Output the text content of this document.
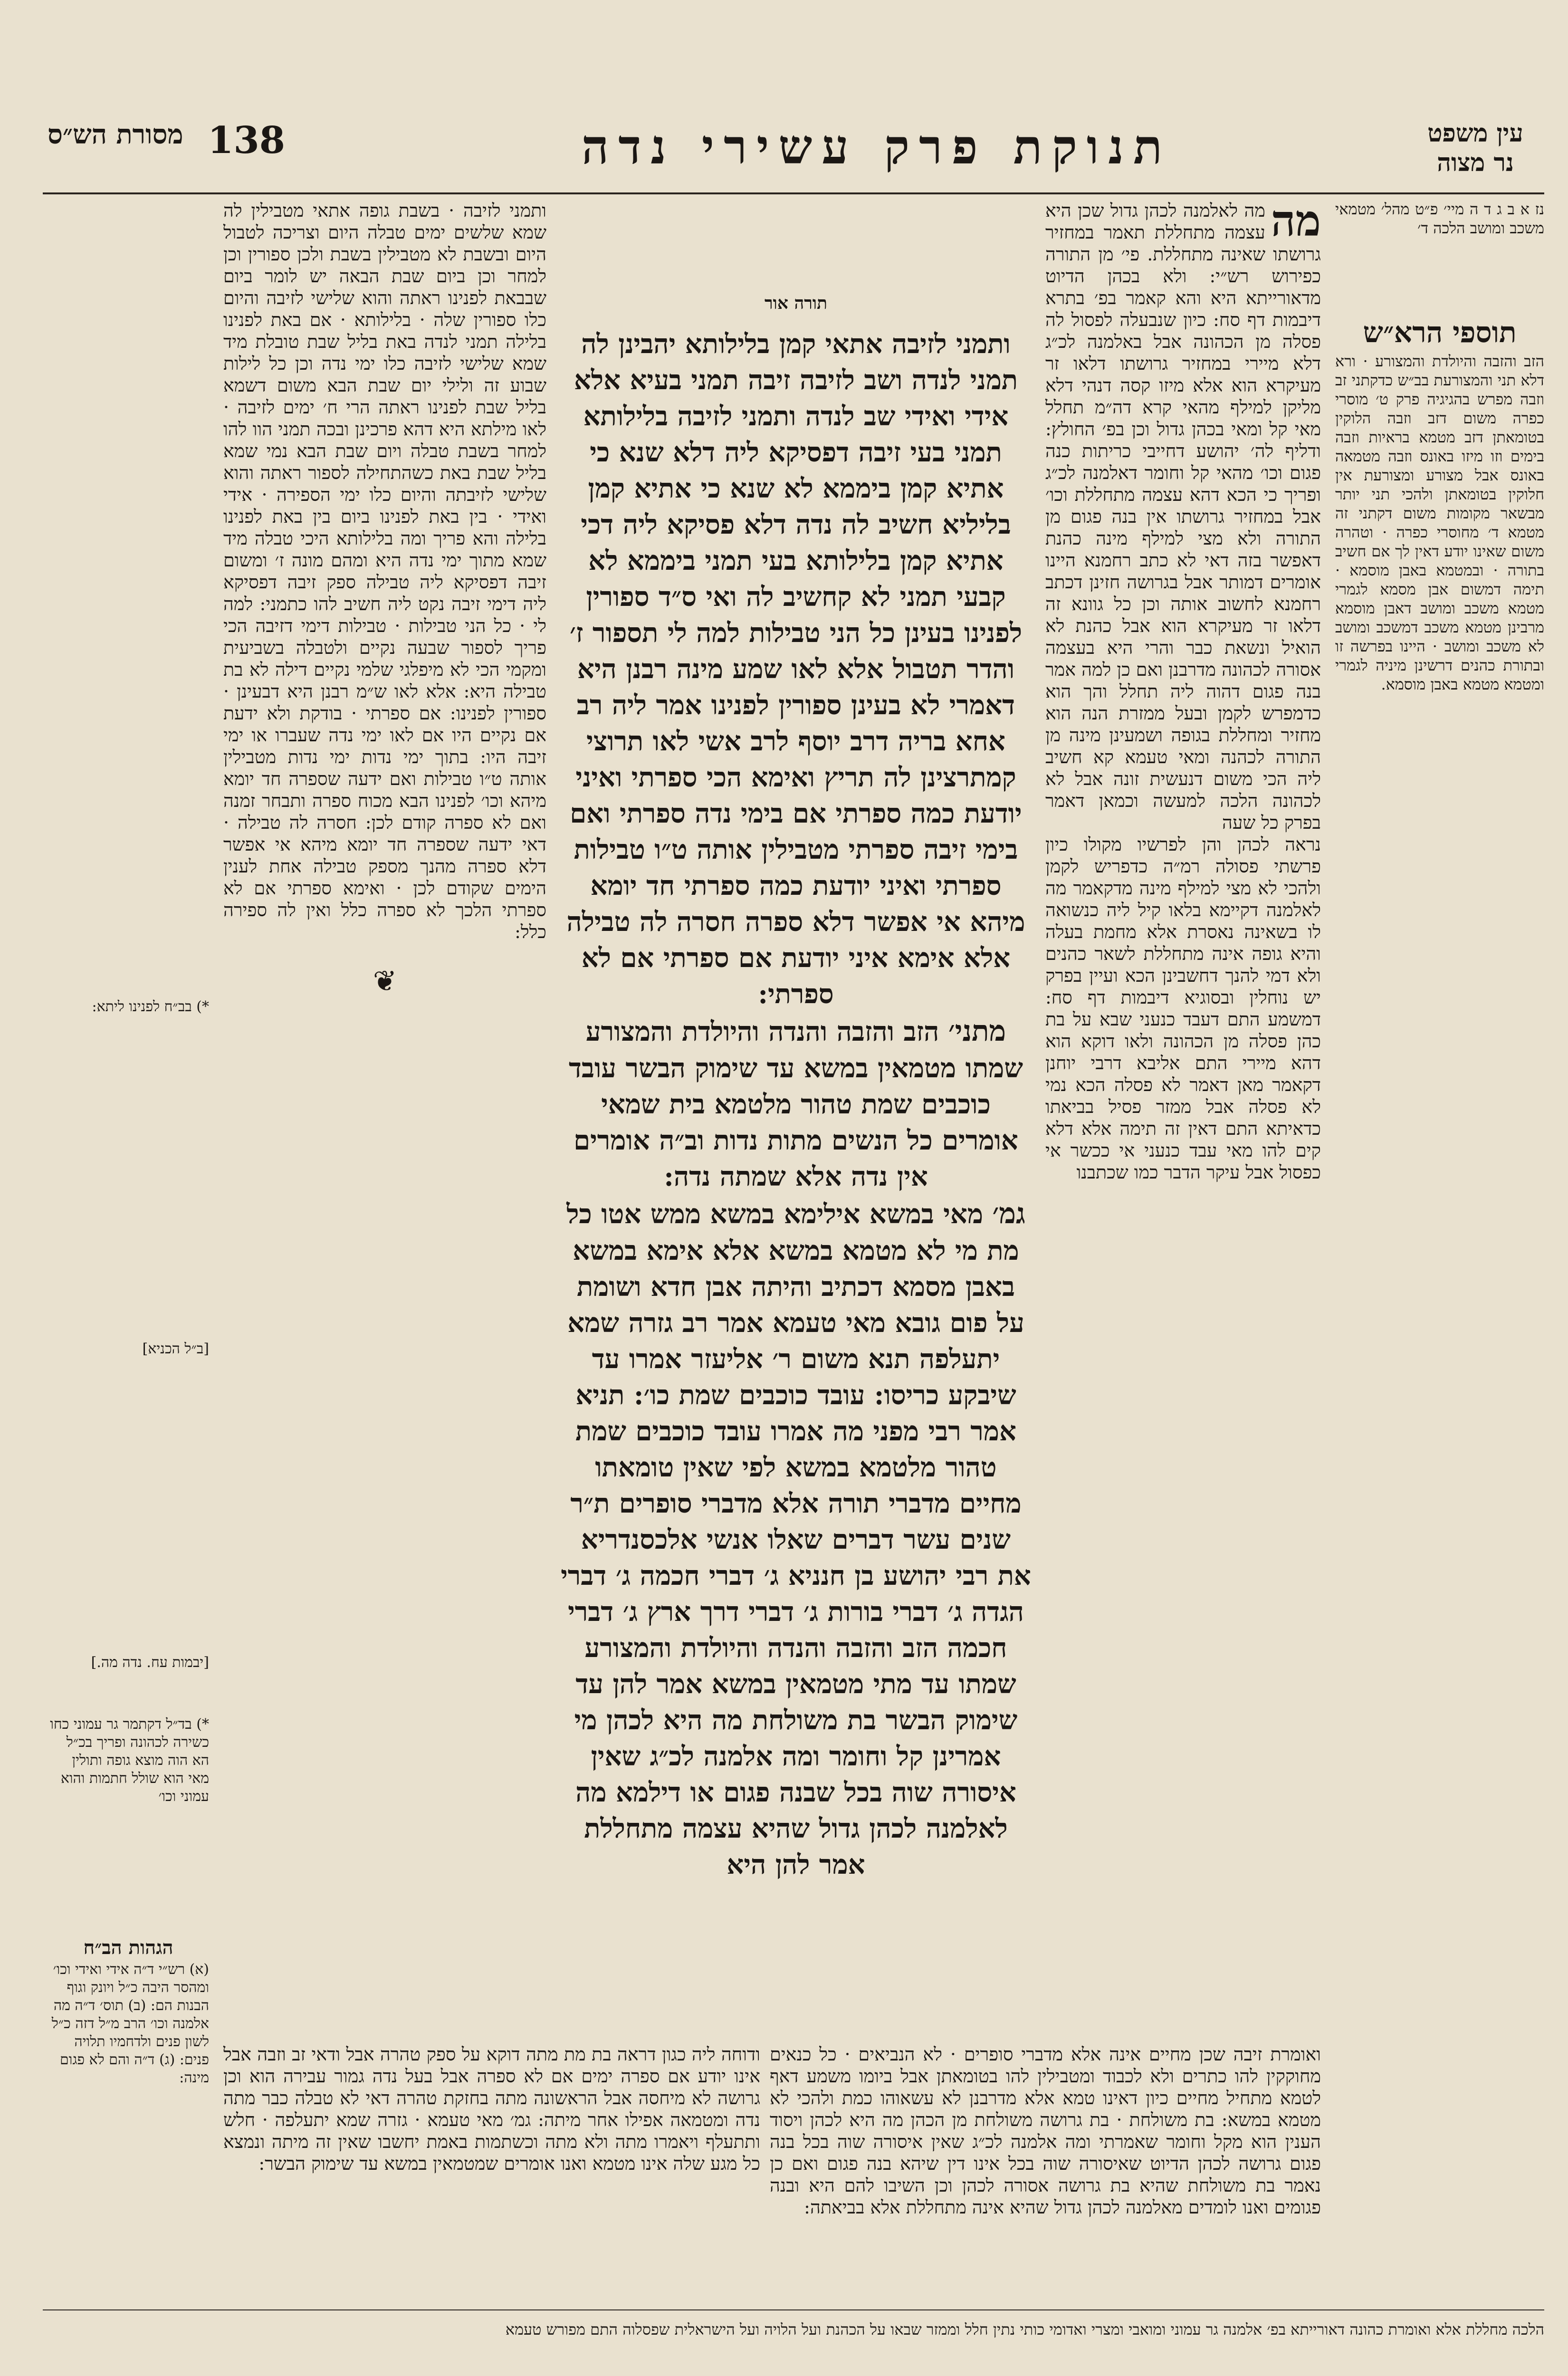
138	תנוקת פרק עשירי נדה
מסורת הש״ס	עין משפט
נר מצוה
נז א ב ג ד ה מיי׳ פ״ט מהל׳ מטמאי משכב ומושב הלכה ד׳
תוספי הרא״ש
הזב והזבה והיולדת והמצורע · ורא דלא תני והמצורעת בב״ש כדקתני זב וזבה מפרש בהגיגיה פרק ט׳ מוסרי כפרה משום דזב וזבה הלוקין בטומאתן דזב מטמא בראיות וזבה בימים וזו מיזו באונס וזבה מטמאה באונס אבל מצורע ומצורעת אין חלוקין בטומאתן ולהכי תני יותר מבשאר מקומות משום דקתני זה מטמא ד׳ מחוסרי כפרה · וטהרה משום שאינו יודע דאין לך אם חשיב בתורה · ובמטמא באבן מוסמא · תימה דמשום אבן מסמא לגמרי מטמא משכב ומושב דאבן מוסמא מרבינן מטמא משכב דמשכב ומושב לא משכב ומושב · היינו בפרשה זו ובתורת כהנים דרשינן מיניה לגמרי ומטמא מטמא באבן מוסמא.
מה
מה לאלמנה לכהן גדול שכן היא עצמה מתחללת תאמר במחזיר גרושתו שאינה מתחללת. פי׳ מן התורה כפירוש רש״י: ולא בכהן הדיוט מדאורייתא היא והא קאמר בפ׳ בתרא דיבמות דף סח: כיון שנבעלה לפסול לה פסלה מן הכהונה אבל באלמנה לכ״ג דלא מיירי במחזיר גרושתו דלאו זר מעיקרא הוא אלא מיזו קסה דנהי דלא מליקן למילף מהאי קרא דה״מ תחלל מאי קל ומאי בכהן גדול וכן בפ׳ החולץ: ודליף לה׳ יהושע דחייבי כריתות כנה פגום וכו׳ מהאי קל וחומר דאלמנה לכ״ג ופריך כי הכא דהא עצמה מתחללת וכו׳ אבל במחזיר גרושתו אין בנה פגום מן התורה ולא מצי למילף מינה כהנת דאפשר בזה דאי לא כתב רחמנא היינו אומרים דמותר אבל בגרושה חזינן דכתב רחמנא לחשוב אותה וכן כל גוונא זה דלאו זר מעיקרא הוא אבל כהנת לא הואיל ונשאת כבר והרי היא בעצמה אסורה לכהונה מדרבנן ואם כן למה אמר בנה פגום דהוה ליה תחלל והך הוא כדמפרש לקמן ובעל ממזרת הנה הוא מחזיר ומחללת בגופה ושמעינן מינה מן התורה לכהנה ומאי טעמא קא חשיב ליה הכי משום דנעשית זונה אבל לא לכהונה הלכה למעשה וכמאן דאמר בפרק כל שעה
נראה לכהן והן לפרשיו מקולו כיון פרשתי פסולה רמ״ה כדפריש לקמן ולהכי לא מצי למילף מינה מדקאמר מה לאלמנה דקיימא בלאו קיל ליה כנשואה לו בשאינה נאסרת אלא מחמת בעלה והיא גופה אינה מתחללת לשאר כהנים ולא דמי להנך דחשבינן הכא ועיין בפרק יש נוחלין ובסוגיא דיבמות דף סח: דמשמע התם דעבד כנעני שבא על בת כהן פסלה מן הכהונה ולאו דוקא הוא דהא מיירי התם אליבא דרבי יוחנן דקאמר מאן דאמר לא פסלה הכא נמי לא פסלה אבל ממזר פסיל בביאתו כדאיתא התם דאין זה תימה אלא דלא קים להו מאי עבד כנעני אי ככשר אי כפסול אבל עיקר הדבר כמו שכתבנו
תורה אור
ותמני לזיבה אתאי קמן בלילותא יהבינן לה תמני לנדה ושב לזיבה זיבה תמני בעיא אלא אידי ואידי שב לנדה ותמני לזיבה בלילותא תמני בעי זיבה דפסיקא ליה דלא שנא כי אתיא קמן ביממא לא שנא כי אתיא קמן בליליא חשיב לה נדה דלא פסיקא ליה דכי אתיא קמן בלילותא בעי תמני ביממא לא קבעי תמני לא קחשיב לה ואי ס״ד ספורין לפנינו בעינן כל הני טבילות למה לי תספור ז׳ והדר תטבול אלא לאו שמע מינה רבנן היא דאמרי לא בעינן ספורין לפנינו אמר ליה רב אחא בריה דרב יוסף לרב אשי לאו תרוצי קמתרצינן לה תריץ ואימא הכי ספרתי ואיני יודעת כמה ספרתי אם בימי נדה ספרתי ואם בימי זיבה ספרתי מטבילין אותה ט״ו טבילות ספרתי ואיני יודעת כמה ספרתי חד יומא מיהא אי אפשר דלא ספרה חסרה לה טבילה אלא אימא איני יודעת אם ספרתי אם לא ספרתי:
מתני׳ הזב והזבה והנדה והיולדת והמצורע שמתו מטמאין במשא עד שימוק הבשר עובד כוכבים שמת טהור מלטמא בית שמאי אומרים כל הנשים מתות נדות וב״ה אומרים אין נדה אלא שמתה נדה:
גמ׳ מאי במשא אילימא במשא ממש אטו כל מת מי לא מטמא במשא אלא אימא במשא באבן מסמא דכתיב והיתה אבן חדא ושומת על פום גובא מאי טעמא אמר רב גזרה שמא יתעלפה תנא משום ר׳ אליעזר אמרו עד שיבקע כריסו: עובד כוכבים שמת כו׳: תניא אמר רבי מפני מה אמרו עובד כוכבים שמת טהור מלטמא במשא לפי שאין טומאתו מחיים מדברי תורה אלא מדברי סופרים ת״ר שנים עשר דברים שאלו אנשי אלכסנדריא את רבי יהושע בן חנניא ג׳ דברי חכמה ג׳ דברי הגדה ג׳ דברי בורות ג׳ דברי דרך ארץ ג׳ דברי חכמה הזב והזבה והנדה והיולדת והמצורע שמתו עד מתי מטמאין במשא אמר להן עד שימוק הבשר בת משולחת מה היא לכהן מי אמרינן קל וחומר ומה אלמנה לכ״ג שאין איסורה שוה בכל שבנה פגום או דילמא מה לאלמנה לכהן גדול שהיא עצמה מתחללת אמר להן היא
ותמני לזיבה · בשבת גופה אתאי מטבילין לה שמא שלשים ימים טבלה היום וצריכה לטבול היום ובשבת לא מטבילין בשבת ולכן ספורין וכן למחר וכן ביום שבת הבאה יש לומר ביום שבבאת לפנינו ראתה והוא שלישי לזיבה והיום כלו ספורין שלה · בלילותא · אם באת לפנינו בלילה תמני לנדה באת בליל שבת טובלת מיד שמא שלישי לזיבה כלו ימי נדה וכן כל לילות שבוע זה ולילי יום שבת הבא משום דשמא בליל שבת לפנינו ראתה הרי ח׳ ימים לזיבה · לאו מילתא היא דהא פרכינן ובכה תמני הוו להו למחר בשבת טבלה ויום שבת הבא נמי שמא בליל שבת באת כשהתחילה לספור ראתה והוא שלישי לזיבתה והיום כלו ימי הספירה · אידי ואידי · בין באת לפנינו ביום בין באת לפנינו בלילה והא פריך ומה בלילותא היכי טבלה מיד שמא מתוך ימי נדה היא ומהם מונה ז׳ ומשום זיבה דפסיקא ליה טבילה ספק זיבה דפסיקא ליה דימי זיבה נקט ליה חשיב להו כתמני: למה לי · כל הני טבילות · טבילות דימי דזיבה הכי פריך לספור שבעה נקיים ולטבלה בשביעית ומקמי הכי לא מיפלגי שלמי נקיים דילה לא בת טבילה היא: אלא לאו ש״מ רבנן היא דבעינן · ספורין לפנינו: אם ספרתי · בודקת ולא ידעת אם נקיים היו אם לאו ימי נדה שעברו או ימי זיבה היו: בתוך ימי נדות ימי נדות מטבילין אותה ט״ו טבילות ואם ידעה שספרה חד יומא מיהא וכו׳ לפנינו הבא מכוח ספרה ותבחר זמנה ואם לא ספרה קודם לכן: חסרה לה טבילה · דאי ידעה שספרה חד יומא מיהא אי אפשר דלא ספרה מהנך מספק טבילה אחת לענין הימים שקודם לכן · ואימא ספרתי אם לא ספרתי הלכך לא ספרה כלל ואין לה ספירה כלל:
❦
*) בב״ח לפנינו ליתא:
[ב״ל הכניא]
[יבמות עח. נדה מה.]
*) בד״ל דקתמר גר עמוני כחו כשירה לכהונה ופריך בכ״ל הא הוה מוצא גופה ותולין מאי הוא שולל חתמות והוא עמוני וכו׳
הגהות הב״ח
(א) רש״י ד״ה אידי ואידי וכו׳ ומהסר היבה כ״ל ויונק וגוף הבנות הם: (ב) תוס׳ ד״ה מה אלמנה וכו׳ הרב מ״ל דזה כ״ל לשון פנים ולדחמיו תלויה פנים: (ג) ד״ה והם לא פגום מינה:
ואומרת זיבה שכן מחיים אינה אלא מדברי סופרים · לא הנביאים · כל כנאים מחוקקין להו כתרים ולא לכבוד ומטבילין להו בטומאתן אבל ביומו משמע דאף לטמא מתחיל מחיים כיון דאינו טמא אלא מדרבנן לא עשאוהו כמת ולהכי לא מטמא במשא: בת משולחת · בת גרושה משולחת מן הכהן מה היא לכהן ויסוד הענין הוא מקל וחומר שאמרתי ומה אלמנה לכ״ג שאין איסורה שוה בכל בנה פגום גרושה לכהן הדיוט שאיסורה שוה בכל אינו דין שיהא בנה פגום ואם כן נאמר בת משולחת שהיא בת גרושה אסורה לכהן וכן השיבו להם היא ובנה פגומים ואנו לומדים מאלמנה לכהן גדול שהיא אינה מתחללת אלא בביאתה:
ודוחה ליה כגון דראה בת מת מתה דוקא על ספק טהרה אבל ודאי זב וזבה אבל אינו יודע אם ספרה ימים אם לא ספרה אבל בעל נדה גמור עבירה הוא וכן גרושה לא מיחסה אבל הראשונה מתה בחזקת טהרה דאי לא טבלה כבר מתה נדה ומטמאה אפילו אחר מיתה: גמ׳ מאי טעמא · גזרה שמא יתעלפה · חלש ותתעלף ויאמרו מתה ולא מתה וכשתמות באמת יחשבו שאין זה מיתה ונמצא כל מגע שלה אינו מטמא ואנו אומרים שמטמאין במשא עד שימוק הבשר:
הלכה מחללת אלא ואומרת כהונה דאורייתא בפ׳ אלמנה גר עמוני ומואבי ומצרי ואדומי כותי נתין חלל וממזר שבאו על הכהנת ועל הלויה ועל הישראלית שפסלוה התם מפורש טעמא
